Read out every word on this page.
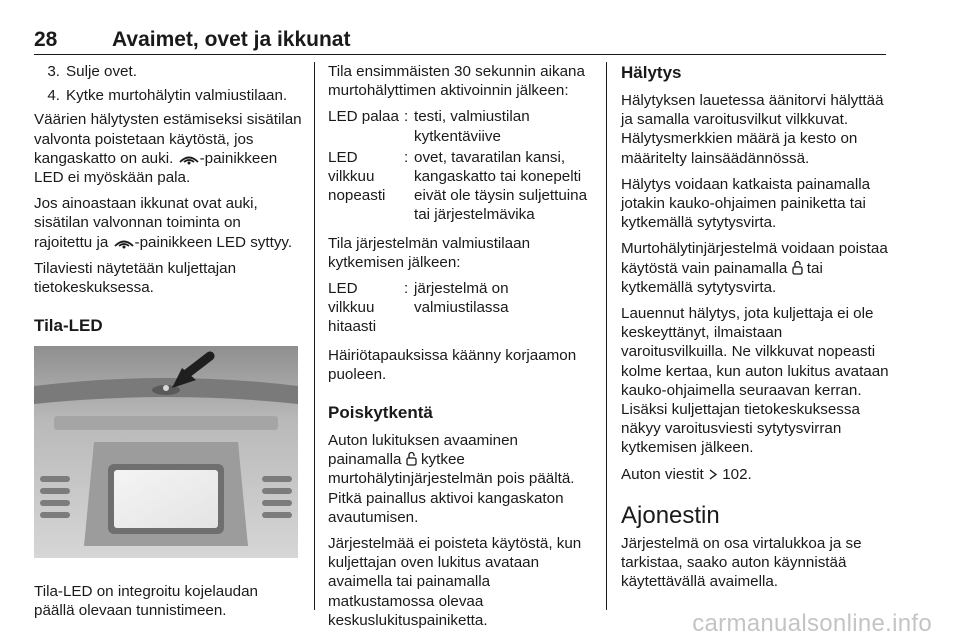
28	Avaimet, ovet ja ikkunat
3. Sulje ovet.
4. Kytke murtohälytin valmiustilaan.

Väärien hälytysten estämiseksi sisätilan valvonta poistetaan käytöstä, jos kangaskatto on auki. -painikkeen LED ei myöskään pala.

Jos ainoastaan ikkunat ovat auki, sisätilan valvonnan toiminta on rajoitettu ja -painikkeen LED syttyy.

Tilaviesti näytetään kuljettajan tietokeskuksessa.

Tila-LED

Tila-LED on integroitu kojelaudan päällä olevaan tunnistimeen.

Tila ensimmäisten 30 sekunnin aikana murtohälyttimen aktivoinnin jälkeen:

LED palaa : testi, valmiustilan kytkentäviive
LED vilkkuu nopeasti
: ovet, tavaratilan kansi, kangaskatto tai konepelti eivät ole täysin suljettuina tai järjestelmävika

Tila järjestelmän valmiustilaan kytkemisen jälkeen:

LED vilkkuu hitaasti
: järjestelmä on valmiustilassa

Häiriötapauksissa käänny korjaamon puoleen.

Poiskytkentä

Auton lukituksen avaaminen painamalla kytkee murtohälytinjärjestelmän pois päältä. Pitkä painallus aktivoi kangaskaton avautumisen.

Järjestelmää ei poisteta käytöstä, kun kuljettajan oven lukitus avataan avaimella tai painamalla matkustamossa olevaa keskuslukituspainiketta.

Hälytys

Hälytyksen lauetessa äänitorvi hälyttää ja samalla varoitusvilkut vilkkuvat. Hälytysmerkkien määrä ja kesto on määritelty lainsäädännössä.

Hälytys voidaan katkaista painamalla jotakin kauko-ohjaimen painiketta tai kytkemällä sytytysvirta.

Murtohälytinjärjestelmä voidaan poistaa käytöstä vain painamalla tai kytkemällä sytytysvirta.

Lauennut hälytys, jota kuljettaja ei ole keskeyttänyt, ilmaistaan varoitusvilkuilla. Ne vilkkuvat nopeasti kolme kertaa, kun auton lukitus avataan kauko-ohjaimella seuraavan kerran. Lisäksi kuljettajan tietokeskuksessa näkyy varoitusviesti sytytysvirran kytkemisen jälkeen.

Auton viestit 102.

Ajonestin

Järjestelmä on osa virtalukkoa ja se tarkistaa, saako auton käynnistää käytettävällä avaimella.

carmanualsonline.info
